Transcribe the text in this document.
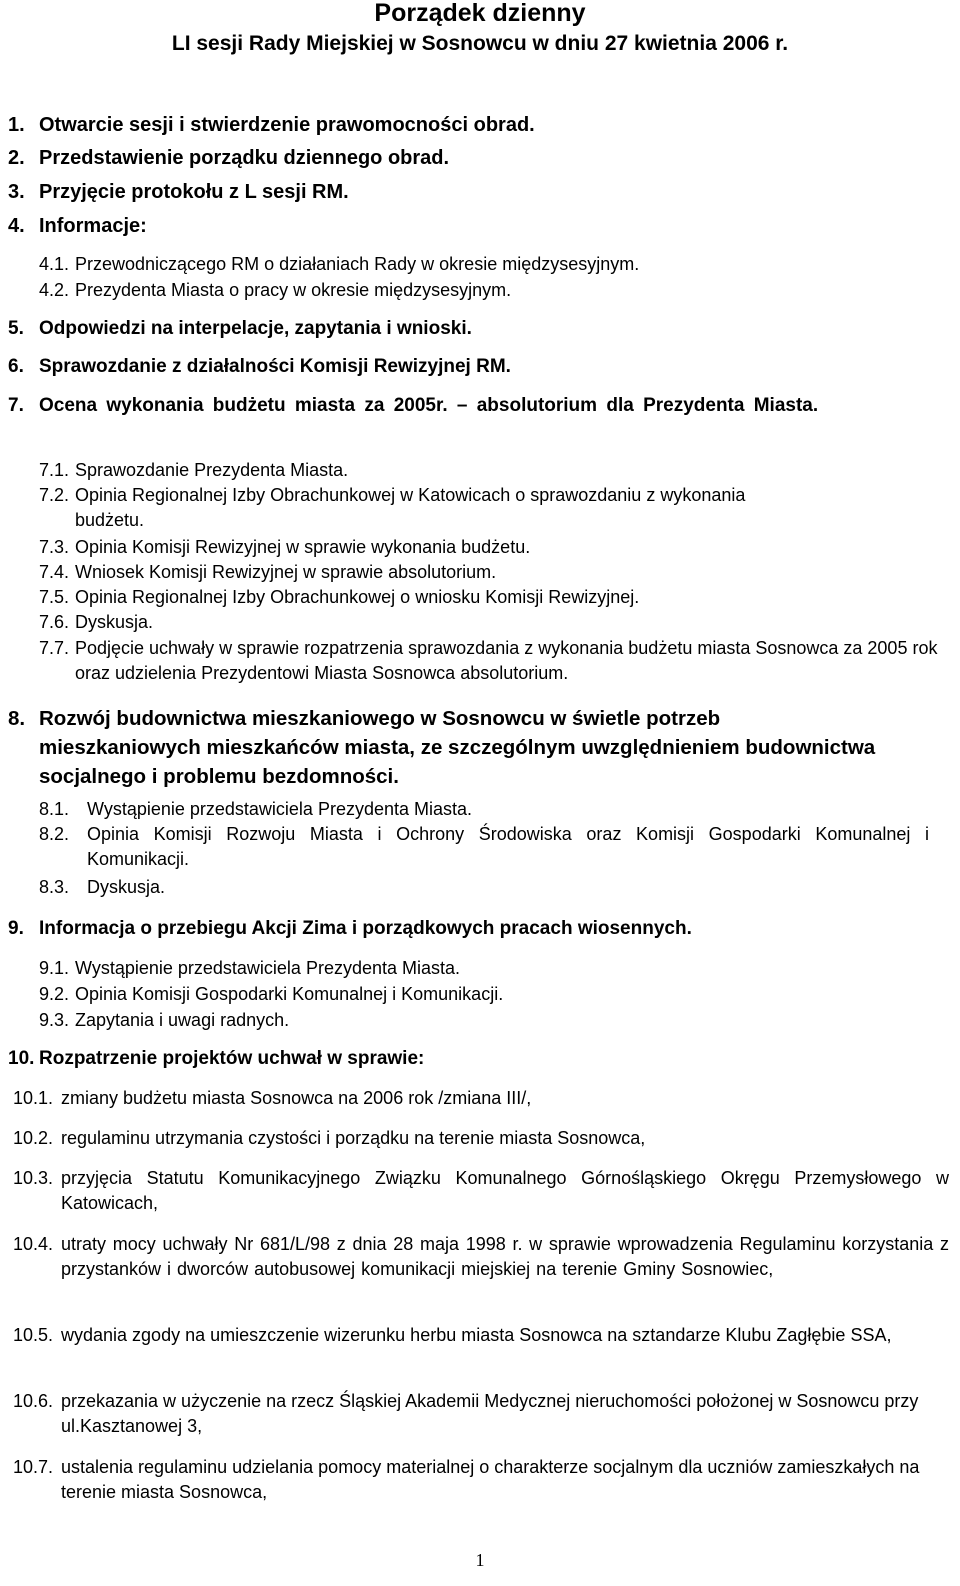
Porządek dzienny
LI sesji Rady Miejskiej w Sosnowcu w dniu 27 kwietnia 2006 r.
1. Otwarcie sesji i stwierdzenie prawomocności obrad.
2. Przedstawienie porządku dziennego obrad.
3. Przyjęcie protokołu z L sesji RM.
4. Informacje:
4.1. Przewodniczącego RM o działaniach Rady w okresie międzysesyjnym.
4.2. Prezydenta Miasta o pracy w okresie międzysesyjnym.
5. Odpowiedzi na interpelacje, zapytania i wnioski.
6. Sprawozdanie z działalności Komisji Rewizyjnej RM.
7. Ocena wykonania budżetu miasta za 2005r. – absolutorium dla Prezydenta Miasta.
7.1. Sprawozdanie Prezydenta Miasta.
7.2. Opinia Regionalnej Izby Obrachunkowej w Katowicach o sprawozdaniu z wykonania budżetu.
7.3. Opinia Komisji Rewizyjnej w sprawie wykonania budżetu.
7.4. Wniosek Komisji Rewizyjnej w sprawie absolutorium.
7.5. Opinia Regionalnej Izby Obrachunkowej o wniosku Komisji Rewizyjnej.
7.6. Dyskusja.
7.7. Podjęcie uchwały w sprawie rozpatrzenia sprawozdania z wykonania budżetu miasta Sosnowca za 2005 rok oraz udzielenia Prezydentowi Miasta Sosnowca absolutorium.
8. Rozwój budownictwa mieszkaniowego w Sosnowcu w świetle potrzeb mieszkaniowych mieszkańców miasta, ze szczególnym uwzględnieniem budownictwa socjalnego i problemu bezdomności.
8.1. Wystąpienie przedstawiciela Prezydenta Miasta.
8.2. Opinia Komisji Rozwoju Miasta i Ochrony Środowiska oraz Komisji Gospodarki Komunalnej i Komunikacji.
8.3. Dyskusja.
9. Informacja o przebiegu Akcji Zima i porządkowych pracach wiosennych.
9.1. Wystąpienie przedstawiciela Prezydenta Miasta.
9.2. Opinia Komisji Gospodarki Komunalnej i Komunikacji.
9.3. Zapytania i uwagi radnych.
10. Rozpatrzenie projektów uchwał w sprawie:
10.1. zmiany budżetu miasta Sosnowca na 2006 rok /zmiana III/,
10.2. regulaminu utrzymania czystości i porządku na terenie miasta Sosnowca,
10.3. przyjęcia Statutu Komunikacyjnego Związku Komunalnego Górnośląskiego Okręgu Przemysłowego w Katowicach,
10.4. utraty mocy uchwały Nr 681/L/98 z dnia 28 maja 1998 r. w sprawie wprowadzenia Regulaminu korzystania z przystanków i dworców autobusowej komunikacji miejskiej na terenie Gminy Sosnowiec,
10.5. wydania zgody na umieszczenie wizerunku herbu miasta Sosnowca na sztandarze Klubu Zagłębie SSA,
10.6. przekazania w użyczenie na rzecz Śląskiej Akademii Medycznej nieruchomości położonej w Sosnowcu przy ul.Kasztanowej 3,
10.7. ustalenia regulaminu udzielania pomocy materialnej o charakterze socjalnym dla uczniów zamieszkałych na terenie miasta Sosnowca,
1
